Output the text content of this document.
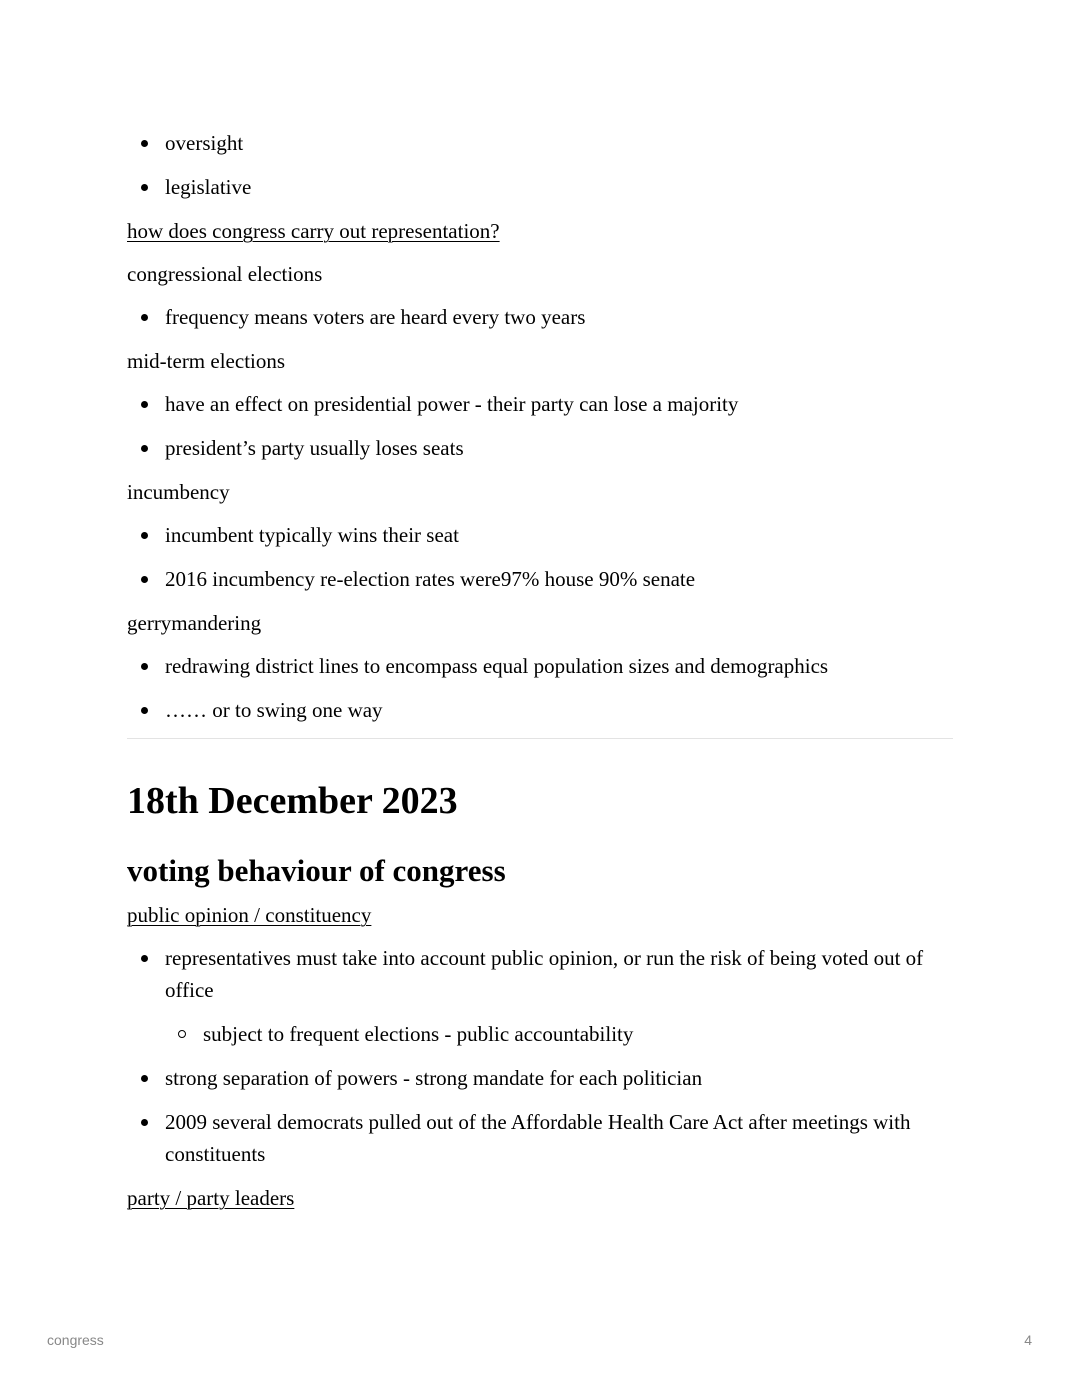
oversight
legislative

how does congress carry out representation?

congressional elections

frequency means voters are heard every two years

mid-term elections

have an effect on presidential power - their party can lose a majority
president’s party usually loses seats

incumbency

incumbent typically wins their seat
2016 incumbency re-election rates were97% house 90% senate

gerrymandering

redrawing district lines to encompass equal population sizes and demographics
…… or to swing one way
18th December 2023
voting behaviour of congress

public opinion / constituency

representatives must take into account public opinion, or run the risk of being voted out of office
subject to frequent elections - public accountability
strong separation of powers - strong mandate for each politician
2009 several democrats pulled out of the Affordable Health Care Act after meetings with constituents

party / party leaders

congress	4
